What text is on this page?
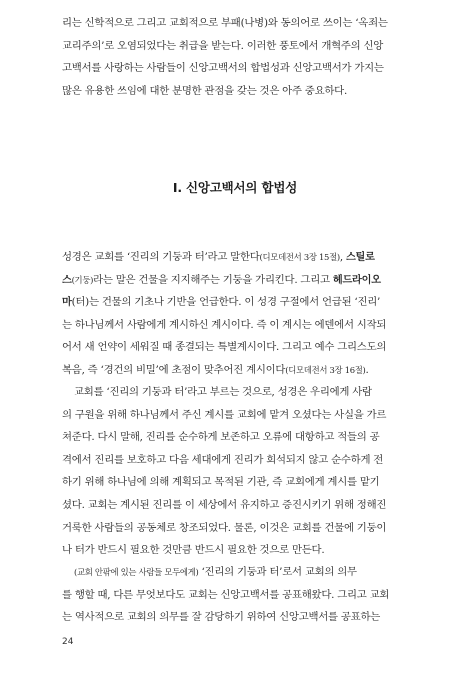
리는 신학적으로 그리고 교회적으로 부패(나병)와 동의어로 쓰이는 ‘옥죄는
교리주의’로 오염되었다는 취급을 받는다. 이러한 풍토에서 개혁주의 신앙
고백서를 사랑하는 사람들이 신앙고백서의 합법성과 신앙고백서가 가지는
많은 유용한 쓰임에 대한 분명한 관점을 갖는 것은 아주 중요하다.
I. 신앙고백서의 합법성
성경은 교회를 ‘진리의 기둥과 터’라고 말한다(디모데전서 3장 15절), 스틸로
스(기둥)라는 말은 건물을 지지해주는 기둥을 가리킨다. 그리고 헤드라이오
마(터)는 건물의 기초나 기반을 언급한다. 이 성경 구절에서 언급된 ‘진리’
는 하나님께서 사람에게 계시하신 계시이다. 즉 이 계시는 에덴에서 시작되
어서 새 언약이 세워질 때 종결되는 특별계시이다. 그리고 예수 그리스도의
복음, 즉 ‘경건의 비밀’에 초점이 맞추어진 계시이다(디모데전서 3장 16절).
교회를 ‘진리의 기둥과 터’라고 부르는 것으로, 성경은 우리에게 사람
의 구원을 위해 하나님께서 주신 계시를 교회에 맡겨 오셨다는 사실을 가르
쳐준다. 다시 말해, 진리를 순수하게 보존하고 오류에 대항하고 적들의 공
격에서 진리를 보호하고 다음 세대에게 진리가 희석되지 않고 순수하게 전
하기 위해 하나님에 의해 계획되고 목적된 기관, 즉 교회에게 계시를 맡기
셨다. 교회는 계시된 진리를 이 세상에서 유지하고 증진시키기 위해 정해진
거룩한 사람들의 공동체로 창조되었다. 물론, 이것은 교회를 건물에 기둥이
나 터가 반드시 필요한 것만큼 반드시 필요한 것으로 만든다.
(교회 안팎에 있는 사람들 모두에게) ‘진리의 기둥과 터’로서 교회의 의무
를 행할 때, 다른 무엇보다도 교회는 신앙고백서를 공표해왔다. 그리고 교회
는 역사적으로 교회의 의무를 잘 감당하기 위하여 신앙고백서를 공표하는
24
